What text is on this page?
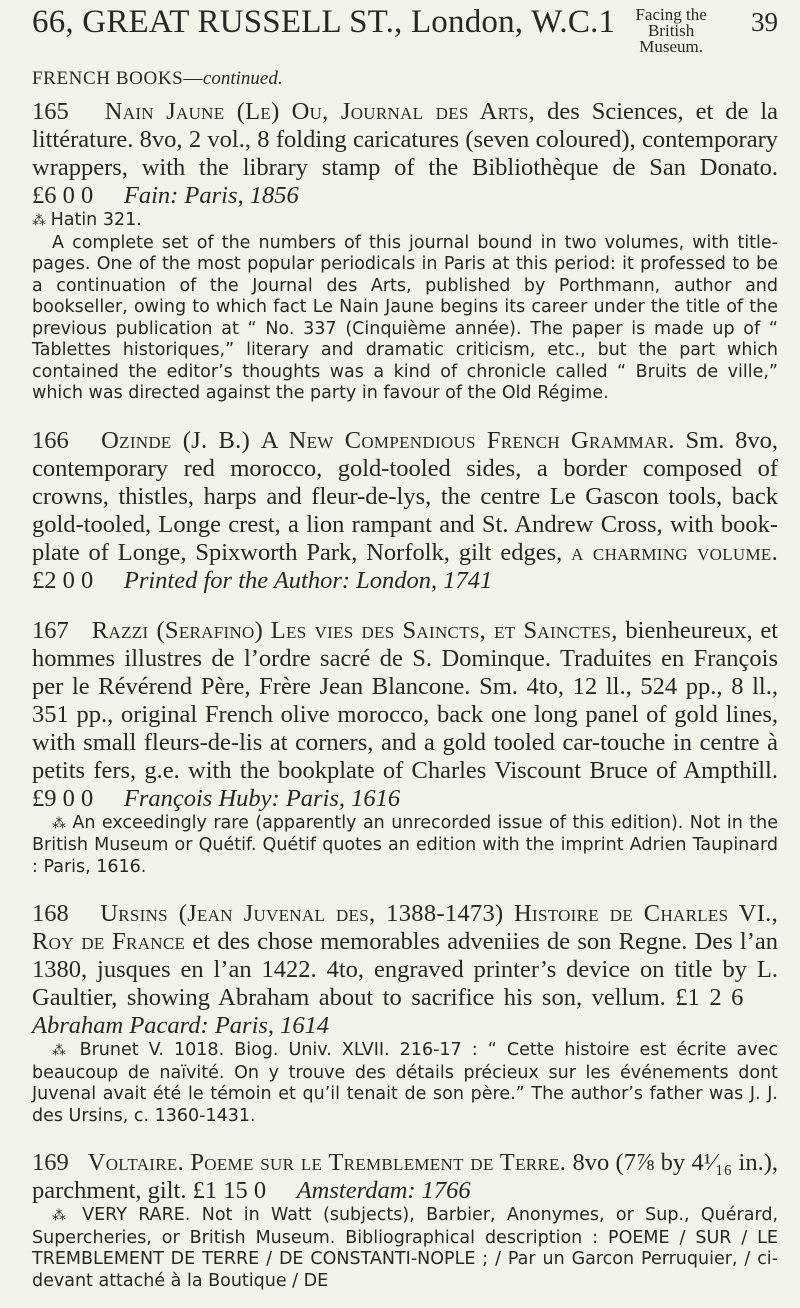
66, GREAT RUSSELL ST., London, W.C.1	Facing the
British Museum.
39
FRENCH BOOKS—continued.

165 Nain Jaune (Le) Ou, Journal des Arts, des Sciences, et de la littérature. 8vo, 2 vol., 8 folding caricatures (seven coloured), contemporary wrappers, with the library stamp of the Bibliothèque de San Donato. £6 0 0 Fain: Paris, 1856

⁂ Hatin 321.

A complete set of the numbers of this journal bound in two volumes, with title-pages. One of the most popular periodicals in Paris at this period: it professed to be a continuation of the Journal des Arts, published by Porthmann, author and bookseller, owing to which fact Le Nain Jaune begins its career under the title of the previous publication at “ No. 337 (Cinquième année). The paper is made up of “ Tablettes historiques,” literary and dramatic criticism, etc., but the part which contained the editor’s thoughts was a kind of chronicle called “ Bruits de ville,” which was directed against the party in favour of the Old Régime.

166 Ozinde (J. B.) A New Compendious French Grammar. Sm. 8vo, contemporary red morocco, gold-tooled sides, a border composed of crowns, thistles, harps and fleur-de-lys, the centre Le Gascon tools, back gold-tooled, Longe crest, a lion rampant and St. Andrew Cross, with book-plate of Longe, Spixworth Park, Norfolk, gilt edges, a charming volume. £2 0 0 Printed for the Author: London, 1741

167 Razzi (Serafino) Les vies des Saincts, et Sainctes, bienheureux, et hommes illustres de l’ordre sacré de S. Dominque. Traduites en François per le Révérend Père, Frère Jean Blancone. Sm. 4to, 12 ll., 524 pp., 8 ll., 351 pp., original French olive morocco, back one long panel of gold lines, with small fleurs-de-lis at corners, and a gold tooled car-touche in centre à petits fers, g.e. with the bookplate of Charles Viscount Bruce of Ampthill. £9 0 0 François Huby: Paris, 1616

⁂ An exceedingly rare (apparently an unrecorded issue of this edition). Not in the British Museum or Quétif. Quétif quotes an edition with the imprint Adrien Taupinard : Paris, 1616.

168 Ursins (Jean Juvenal des, 1388-1473) Histoire de Charles VI., Roy de France et des chose memorables adveniies de son Regne. Des l’an 1380, jusques en l’an 1422. 4to, engraved printer’s device on title by L. Gaultier, showing Abraham about to sacrifice his son, vellum. £1 2 6     Abraham Pacard: Paris, 1614

⁂ Brunet V. 1018. Biog. Univ. XLVII. 216-17 : “ Cette histoire est écrite avec beaucoup de naïvité. On y trouve des détails précieux sur les événements dont Juvenal avait été le témoin et qu’il tenait de son père.” The author’s father was J. J. des Ursins, c. 1360-1431.

169 Voltaire. Poeme sur le Tremblement de Terre. 8vo (7⅞ by 4¹⁄₁₆ in.), parchment, gilt. £1 15 0 Amsterdam: 1766

⁂ VERY RARE. Not in Watt (subjects), Barbier, Anonymes, or Sup., Quérard, Supercheries, or British Museum. Bibliographical description : POEME / SUR / LE TREMBLEMENT DE TERRE / DE CONSTANTI-NOPLE ; / Par un Garcon Perruquier, / ci-devant attaché à la Boutique / DE
